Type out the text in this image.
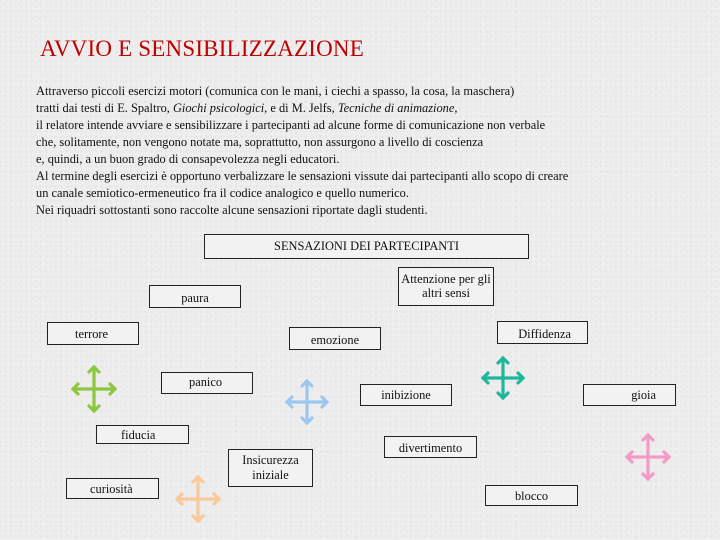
AVVIO E SENSIBILIZZAZIONE
Attraverso piccoli esercizi motori (comunica con le mani, i ciechi a spasso, la cosa, la maschera)
tratti dai testi di E. Spaltro, Giochi psicologici, e di M. Jelfs, Tecniche di animazione,
il relatore intende avviare e sensibilizzare i partecipanti ad alcune forme di comunicazione non verbale
che, solitamente, non vengono notate ma, soprattutto, non assurgono a livello di coscienza
e, quindi, a un buon grado di consapevolezza negli educatori.
Al termine degli esercizi è opportuno verbalizzare le sensazioni vissute dai partecipanti allo scopo di creare
un canale semiotico-ermeneutico fra il codice analogico e quello numerico.
Nei riquadri sottostanti sono raccolte alcune sensazioni riportate dagli studenti.
SENSAZIONI DEI PARTECIPANTI
Attenzione per gli altri sensi
paura
terrore	emozione	Diffidenza
panico
inibizione	gioia
fiducia
Insicurezza iniziale
divertimento
curiosità	blocco
